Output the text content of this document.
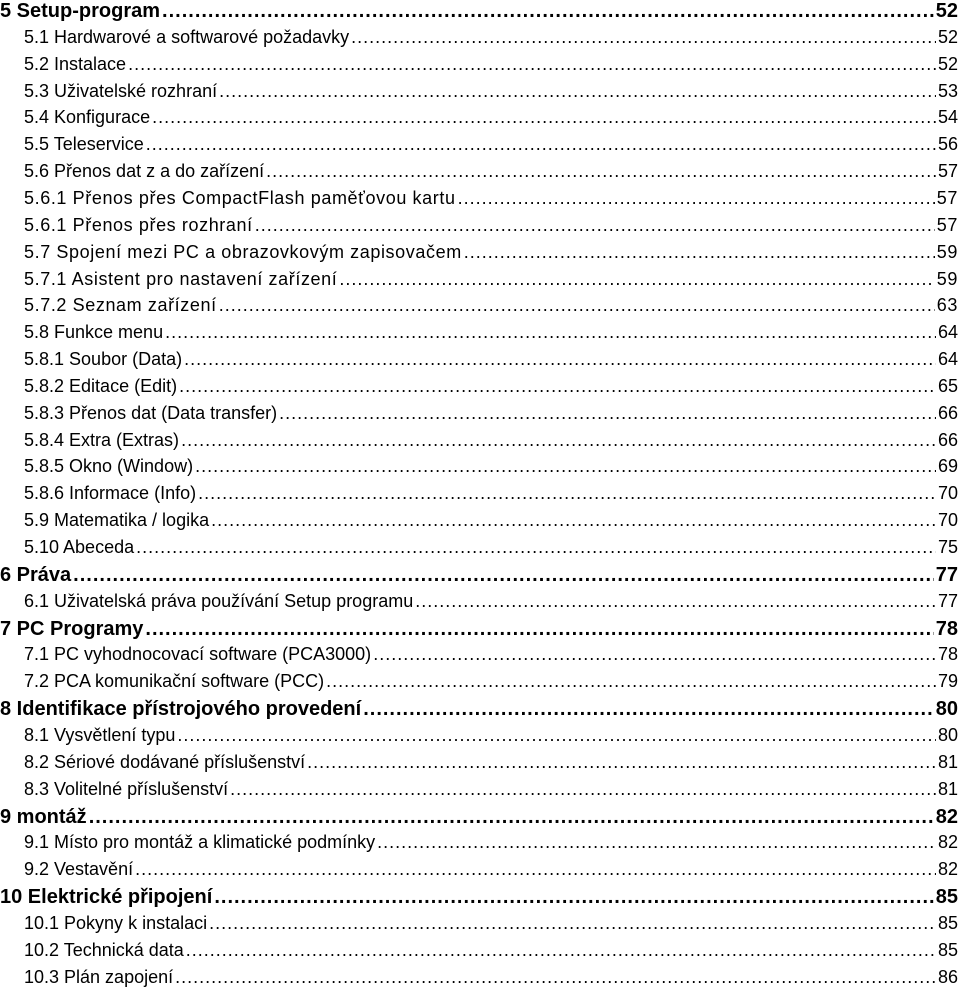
5 Setup-program .....	52
5.1 Hardwarové a softwarové požadavky .....	52
5.2 Instalace .....	52
5.3 Uživatelské rozhraní .....	53
5.4 Konfigurace .....	54
5.5 Teleservice .....	56
5.6 Přenos dat z a do zařízení .....	57
5.6.1 Přenos přes CompactFlash paměťovou kartu .....	57
5.6.1 Přenos přes rozhraní .....	57
5.7 Spojení mezi PC a obrazovkovým zapisovačem .....	59
5.7.1 Asistent pro nastavení zařízení .....	59
5.7.2 Seznam zařízení .....	63
5.8 Funkce menu .....	64
5.8.1 Soubor (Data) .....	64
5.8.2 Editace (Edit) .....	65
5.8.3 Přenos dat (Data transfer) .....	66
5.8.4 Extra (Extras) .....	66
5.8.5 Okno (Window) .....	69
5.8.6 Informace (Info) .....	70
5.9 Matematika / logika .....	70
5.10 Abeceda .....	75
6 Práva .....	77
6.1 Uživatelská práva používání Setup programu .....	77
7 PC Programy .....	78
7.1 PC vyhodnocovací software (PCA3000) .....	78
7.2 PCA komunikační software (PCC) .....	79
8 Identifikace přístrojového provedení .....	80
8.1 Vysvětlení typu .....	80
8.2 Sériové dodávané příslušenství .....	81
8.3 Volitelné příslušenství .....	81
9 montáž .....	82
9.1 Místo pro montáž a klimatické podmínky .....	82
9.2 Vestavění .....	82
10 Elektrické připojení .....	85
10.1 Pokyny k instalaci .....	85
10.2 Technická data .....	85
10.3 Plán zapojení .....	86
